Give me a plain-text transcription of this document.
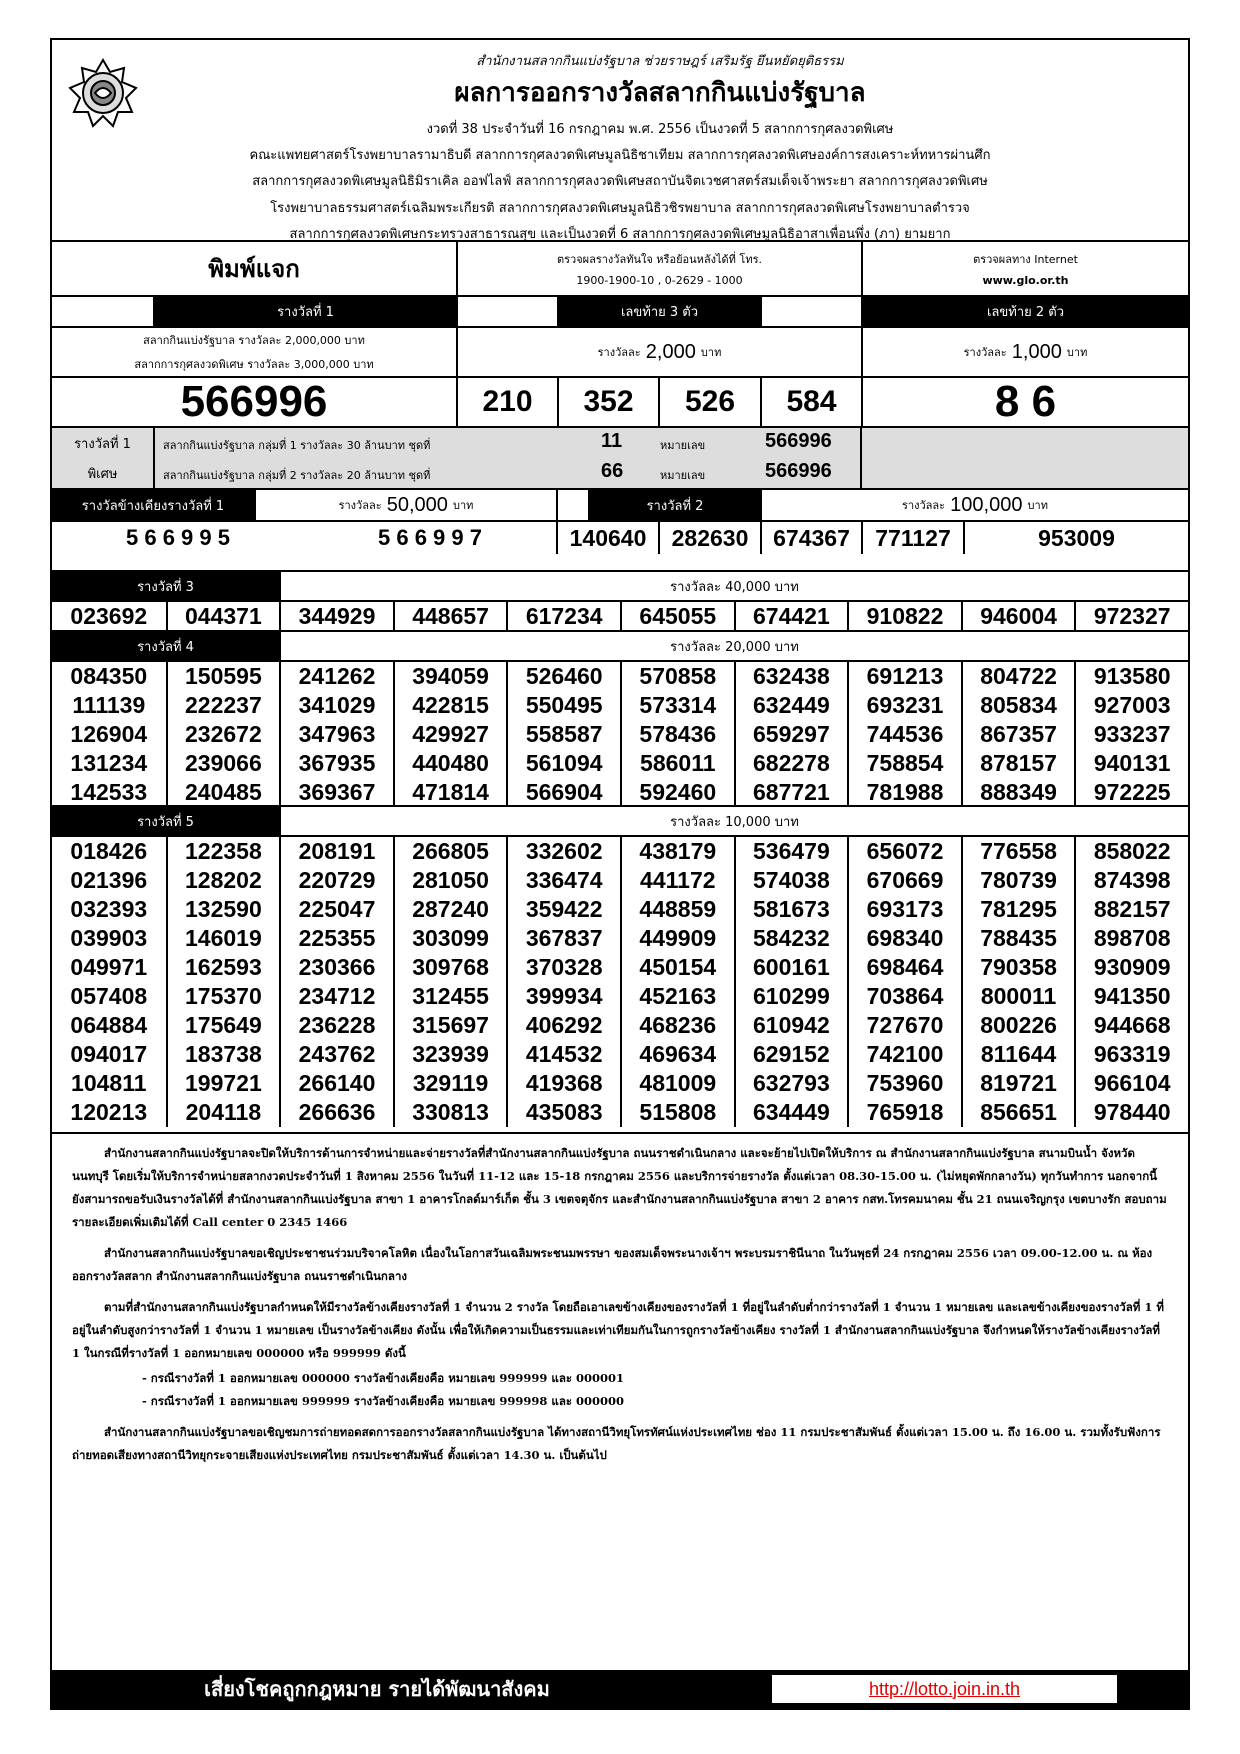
สำนักงานสลากกินแบ่งรัฐบาล ช่วยราษฎร์ เสริมรัฐ ยึนหยัดยุติธรรม
ผลการออกรางวัลสลากกินแบ่งรัฐบาล
งวดที่ 38 ประจำวันที่ 16 กรกฎาคม พ.ศ. 2556 เป็นงวดที่ 5 สลากการกุศลงวดพิเศษ
คณะแพทยศาสตร์โรงพยาบาลรามาธิบดี สลากการกุศลงวดพิเศษมูลนิธิชาเทียม สลากการกุศลงวดพิเศษองค์การสงเคราะห์ทหารผ่านศึก
สลากการกุศลงวดพิเศษมูลนิธิมิราเคิล ออฟไลฟ์ สลากการกุศลงวดพิเศษสถาบันจิตเวชศาสตร์สมเด็จเจ้าพระยา สลากการกุศลงวดพิเศษ
โรงพยาบาลธรรมศาสตร์เฉลิมพระเกียรติ สลากการกุศลงวดพิเศษมูลนิธิวชิรพยาบาล สลากการกุศลงวดพิเศษโรงพยาบาลตำรวจ
สลากการกุศลงวดพิเศษกระทรวงสาธารณสุข และเป็นงวดที่ 6 สลากการกุศลงวดพิเศษมูลนิธิอาสาเพื่อนพึ่ง (ภา) ยามยาก
พิมพ์แจก	ตรวจผลรางวัลทันใจ หรือย้อนหลังได้ที่ โทร.
1900-1900-10 , 0-2629 - 1000
ตรวจผลทาง Internet
www.glo.or.th
รางวัลที่ 1	เลขท้าย 3 ตัว	เลขท้าย 2 ตัว
สลากกินแบ่งรัฐบาล รางวัลละ 2,000,000 บาท
สลากการกุศลงวดพิเศษ รางวัลละ 3,000,000 บาท
รางวัลละ
2,000
บาท	รางวัลละ
1,000
บาท
566996	210	352	526	584	8 6
รางวัลที่ 1
พิเศษ
สลากกินแบ่งรัฐบาล กลุ่มที่ 1 รางวัลละ 30 ล้านบาท ชุดที่	11	หมายเลข	566996
สลากกินแบ่งรัฐบาล กลุ่มที่ 2 รางวัลละ 20 ล้านบาท ชุดที่	66	หมายเลข	566996
รางวัลข้างเคียงรางวัลที่ 1	รางวัลละ
50,000
บาท	รางวัลที่ 2	รางวัลละ
100,000
บาท
5 6 6 9 9 5	5 6 6 9 9 7	140640	282630	674367	771127	953009
รางวัลที่ 3	รางวัลละ 40,000 บาท
023692	044371	344929	448657	617234	645055	674421	910822	946004	972327
รางวัลที่ 4	รางวัลละ 20,000 บาท
084350	150595	241262	394059	526460	570858	632438	691213	804722	913580
111139	222237	341029	422815	550495	573314	632449	693231	805834	927003
126904	232672	347963	429927	558587	578436	659297	744536	867357	933237
131234	239066	367935	440480	561094	586011	682278	758854	878157	940131
142533	240485	369367	471814	566904	592460	687721	781988	888349	972225
รางวัลที่ 5	รางวัลละ 10,000 บาท
018426	122358	208191	266805	332602	438179	536479	656072	776558	858022
021396	128202	220729	281050	336474	441172	574038	670669	780739	874398
032393	132590	225047	287240	359422	448859	581673	693173	781295	882157
039903	146019	225355	303099	367837	449909	584232	698340	788435	898708
049971	162593	230366	309768	370328	450154	600161	698464	790358	930909
057408	175370	234712	312455	399934	452163	610299	703864	800011	941350
064884	175649	236228	315697	406292	468236	610942	727670	800226	944668
094017	183738	243762	323939	414532	469634	629152	742100	811644	963319
104811	199721	266140	329119	419368	481009	632793	753960	819721	966104
120213	204118	266636	330813	435083	515808	634449	765918	856651	978440

สำนักงานสลากกินแบ่งรัฐบาลจะปิดให้บริการด้านการจำหน่ายและจ่ายรางวัลที่สำนักงานสลากกินแบ่งรัฐบาล ถนนราชดำเนินกลาง และจะย้ายไปเปิดให้บริการ ณ สำนักงานสลากกินแบ่งรัฐบาล สนามบินน้ำ จังหวัดนนทบุรี โดยเริ่มให้บริการจำหน่ายสลากงวดประจำวันที่ 1 สิงหาคม 2556 ในวันที่ 11-12 และ 15-18 กรกฎาคม 2556 และบริการจ่ายรางวัล ตั้งแต่เวลา 08.30-15.00 น. (ไม่หยุดพักกลางวัน) ทุกวันทำการ นอกจากนี้ยังสามารถขอรับเงินรางวัลได้ที่ สำนักงานสลากกินแบ่งรัฐบาล สาขา 1 อาคารโกลด์มาร์เก็ต ชั้น 3 เขตจตุจักร และสำนักงานสลากกินแบ่งรัฐบาล สาขา 2 อาคาร กสท.โทรคมนาคม ชั้น 21 ถนนเจริญกรุง เขตบางรัก สอบถามรายละเอียดเพิ่มเติมได้ที่ Call center 0 2345 1466

สำนักงานสลากกินแบ่งรัฐบาลขอเชิญประชาชนร่วมบริจาคโลหิต เนื่องในโอกาสวันเฉลิมพระชนมพรรษา ของสมเด็จพระนางเจ้าฯ พระบรมราชินีนาถ ในวันพุธที่ 24 กรกฎาคม 2556 เวลา 09.00-12.00 น. ณ ห้องออกรางวัลสลาก สำนักงานสลากกินแบ่งรัฐบาล ถนนราชดำเนินกลาง

ตามที่สำนักงานสลากกินแบ่งรัฐบาลกำหนดให้มีรางวัลข้างเคียงรางวัลที่ 1 จำนวน 2 รางวัล โดยถือเอาเลขข้างเคียงของรางวัลที่ 1 ที่อยู่ในลำดับต่ำกว่ารางวัลที่ 1 จำนวน 1 หมายเลข และเลขข้างเคียงของรางวัลที่ 1 ที่อยู่ในลำดับสูงกว่ารางวัลที่ 1 จำนวน 1 หมายเลข เป็นรางวัลข้างเคียง ดังนั้น เพื่อให้เกิดความเป็นธรรมและเท่าเทียมกันในการถูกรางวัลข้างเคียง รางวัลที่ 1 สำนักงานสลากกินแบ่งรัฐบาล จึงกำหนดให้รางวัลข้างเคียงรางวัลที่ 1 ในกรณีที่รางวัลที่ 1 ออกหมายเลข 000000 หรือ 999999 ดังนี้

- กรณีรางวัลที่ 1 ออกหมายเลข 000000 รางวัลข้างเคียงคือ หมายเลข 999999 และ 000001

- กรณีรางวัลที่ 1 ออกหมายเลข 999999 รางวัลข้างเคียงคือ หมายเลข 999998 และ 000000

สำนักงานสลากกินแบ่งรัฐบาลขอเชิญชมการถ่ายทอดสดการออกรางวัลสลากกินแบ่งรัฐบาล ได้ทางสถานีวิทยุโทรทัศน์แห่งประเทศไทย ช่อง 11 กรมประชาสัมพันธ์ ตั้งแต่เวลา 15.00 น. ถึง 16.00 น. รวมทั้งรับฟังการถ่ายทอดเสียงทางสถานีวิทยุกระจายเสียงแห่งประเทศไทย กรมประชาสัมพันธ์ ตั้งแต่เวลา 14.30 น. เป็นต้นไป

เสี่ยงโชคถูกกฎหมาย รายได้พัฒนาสังคม	http://lotto.join.in.th
